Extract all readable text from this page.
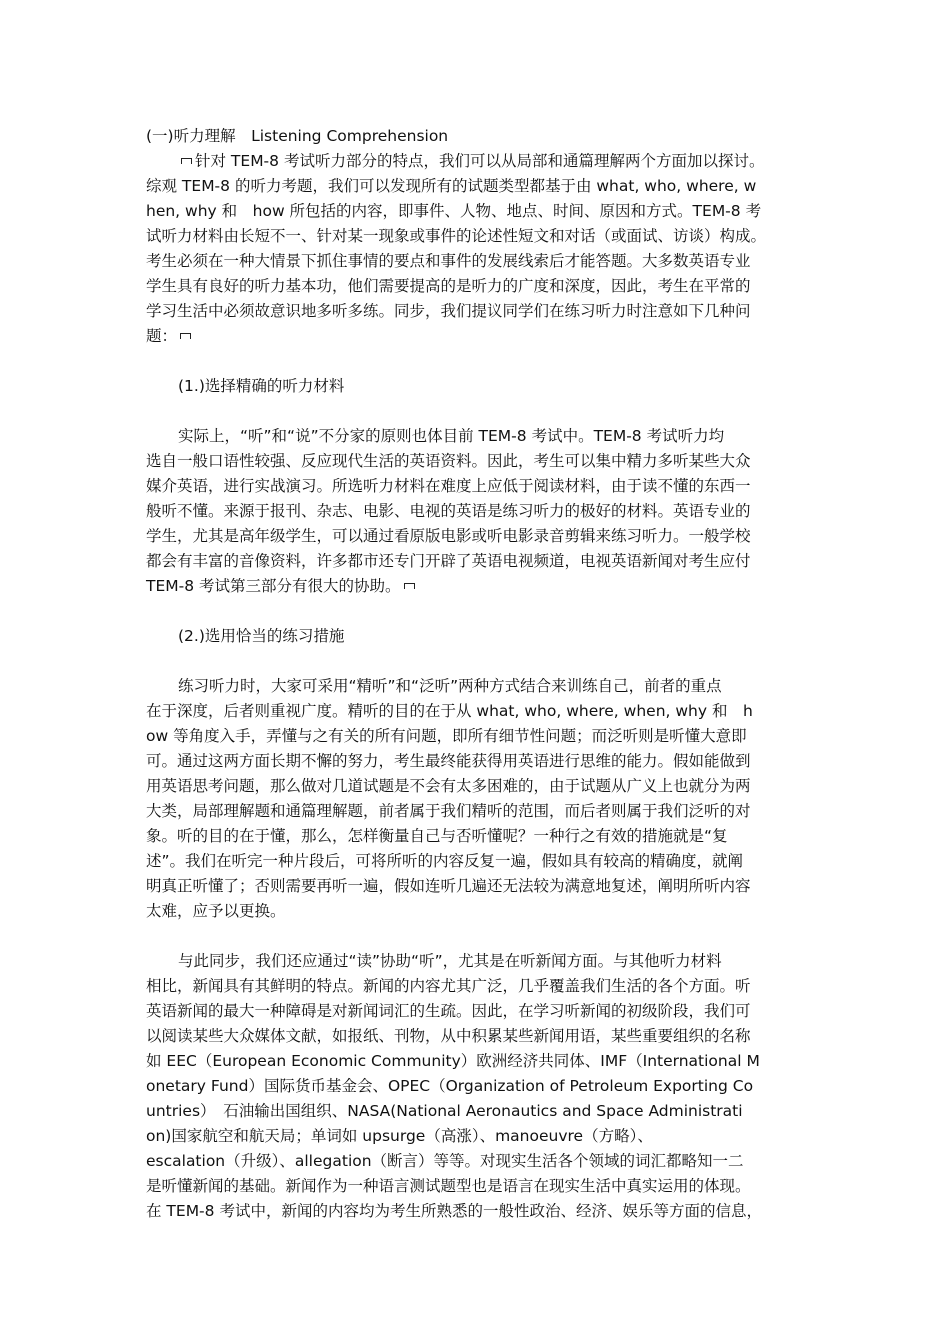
(一)听力理解　Listening Comprehension
针对 TEM-8 考试听力部分的特点，我们可以从局部和通篇理解两个方面加以探讨。
综观 TEM-8 的听力考题，我们可以发现所有的试题类型都基于由 what, who, where, w
hen, why 和　how 所包括的内容，即事件、人物、地点、时间、原因和方式。TEM-8 考
试听力材料由长短不一、针对某一现象或事件的论述性短文和对话（或面试、访谈）构成。
考生必须在一种大情景下抓住事情的要点和事件的发展线索后才能答题。大多数英语专业
学生具有良好的听力基本功，他们需要提高的是听力的广度和深度，因此，考生在平常的
学习生活中必须故意识地多听多练。同步，我们提议同学们在练习听力时注意如下几种问
题：
(1.)选择精确的听力材料
实际上，“听”和“说”不分家的原则也体目前 TEM-8 考试中。TEM-8 考试听力均
选自一般口语性较强、反应现代生活的英语资料。因此，考生可以集中精力多听某些大众
媒介英语，进行实战演习。所选听力材料在难度上应低于阅读材料，由于读不懂的东西一
般听不懂。来源于报刊、杂志、电影、电视的英语是练习听力的极好的材料。英语专业的
学生，尤其是高年级学生，可以通过看原版电影或听电影录音剪辑来练习听力。一般学校
都会有丰富的音像资料，许多都市还专门开辟了英语电视频道，电视英语新闻对考生应付
TEM-8 考试第三部分有很大的协助。
(2.)选用恰当的练习措施
练习听力时，大家可采用“精听”和“泛听”两种方式结合来训练自己，前者的重点
在于深度，后者则重视广度。精听的目的在于从 what, who, where, when, why 和　h
ow 等角度入手，弄懂与之有关的所有问题，即所有细节性问题；而泛听则是听懂大意即
可。通过这两方面长期不懈的努力，考生最终能获得用英语进行思维的能力。假如能做到
用英语思考问题，那么做对几道试题是不会有太多困难的，由于试题从广义上也就分为两
大类，局部理解题和通篇理解题，前者属于我们精听的范围，而后者则属于我们泛听的对
象。听的目的在于懂，那么，怎样衡量自己与否听懂呢？一种行之有效的措施就是“复
述”。我们在听完一种片段后，可将所听的内容反复一遍，假如具有较高的精确度，就阐
明真正听懂了；否则需要再听一遍，假如连听几遍还无法较为满意地复述，阐明所听内容
太难，应予以更换。
与此同步，我们还应通过“读”协助“听”，尤其是在听新闻方面。与其他听力材料
相比，新闻具有其鲜明的特点。新闻的内容尤其广泛，几乎覆盖我们生活的各个方面。听
英语新闻的最大一种障碍是对新闻词汇的生疏。因此，在学习听新闻的初级阶段，我们可
以阅读某些大众媒体文献，如报纸、刊物，从中积累某些新闻用语，某些重要组织的名称
如 EEC（European Economic Community）欧洲经济共同体、IMF（International M
onetary Fund）国际货币基金会、OPEC（Organization of Petroleum Exporting Co
untries）　石油输出国组织、NASA(National Aeronautics and Space Administrati
on)国家航空和航天局；单词如 upsurge（高涨）、manoeuvre（方略）、
escalation（升级）、allegation（断言）等等。对现实生活各个领域的词汇都略知一二
是听懂新闻的基础。新闻作为一种语言测试题型也是语言在现实生活中真实运用的体现。
在 TEM-8 考试中，新闻的内容均为考生所熟悉的一般性政治、经济、娱乐等方面的信息，
